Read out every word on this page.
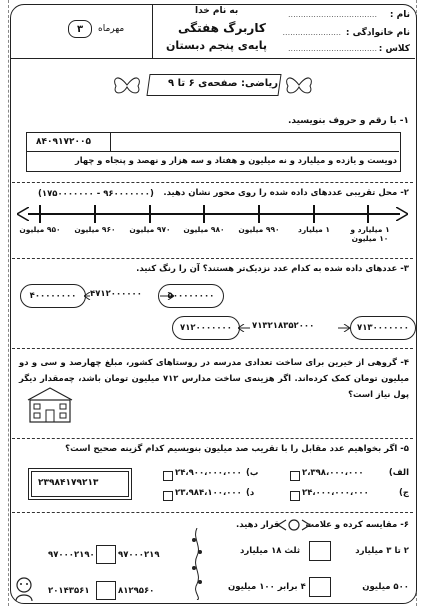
نام :
...................................
نام خانوادگی :
.......................
کلاس :
...................................
به نام خدا
کاربرگ هفتگی
پایه‌ی پنجم دبستان
مهرماه
۳
ریاضی: صفحه‌ی ۶ تا ۹
۱- با رقم و حروف بنویسید.
۸۴۰۹۱۷۲۰۰۵
دویست و یازده و میلیارد و نه میلیون و هفتاد و سه هزار و نهصد و پنجاه و چهار
۲- محل تقریبی عددهای داده شده را روی محور نشان دهید.
(۹۶۰۰۰۰۰۰۰ - ۱۷۵۰۰۰۰۰۰۰)
۱ میلیارد و ۱۰ میلیون
۱ میلیارد
۹۹۰ میلیون
۹۸۰ میلیون
۹۷۰ میلیون
۹۶۰ میلیون
۹۵۰ میلیون
۳- عددهای داده شده به کدام عدد نزدیک‌تر هستند؟ آن را رنگ کنید.
۴۰۰۰۰۰۰۰۰	۴۷۱۲۰۰۰۰۰۰	۵۰۰۰۰۰۰۰۰
۷۱۲۰۰۰۰۰۰۰	۷۱۳۲۱۸۳۵۲۰۰۰	۷۱۳۰۰۰۰۰۰۰
۴- گروهی از خیرین برای ساخت تعدادی مدرسه در روستاهای کشور، مبلغ چهارصد و سی و دو میلیون تومان کمک کرده‌اند. اگر هزینه‌ی ساخت مدارس ۷۱۲ میلیون تومان باشد، چه‌مقدار دیگر پول نیاز است؟
۵- اگر بخواهیم عدد مقابل را با تقریب صد میلیون بنویسیم کدام گزینه صحیح است؟
۲۳۹۸۴۱۷۹۲۱۳
الف)
۲،۳۹۸،۰۰۰،۰۰۰
ب)
۲۴،۹۰۰،۰۰۰،۰۰۰
ج)
۲۴،۰۰۰،۰۰۰،۰۰۰
د)
۲۳،۹۸۴،۱۰۰،۰۰۰
۶- مقایسه کرده و علامت
قرار دهید.
۲ تا ۳ میلیارد
ثلث ۱۸ میلیارد
۵۰۰ میلیون
۴ برابر ۱۰۰ میلیون
۹۷۰۰۰۲۱۹
۹۷۰۰۰۲۱۹۰
۸۱۲۹۵۶۰
۲۰۱۴۳۵۶۱
